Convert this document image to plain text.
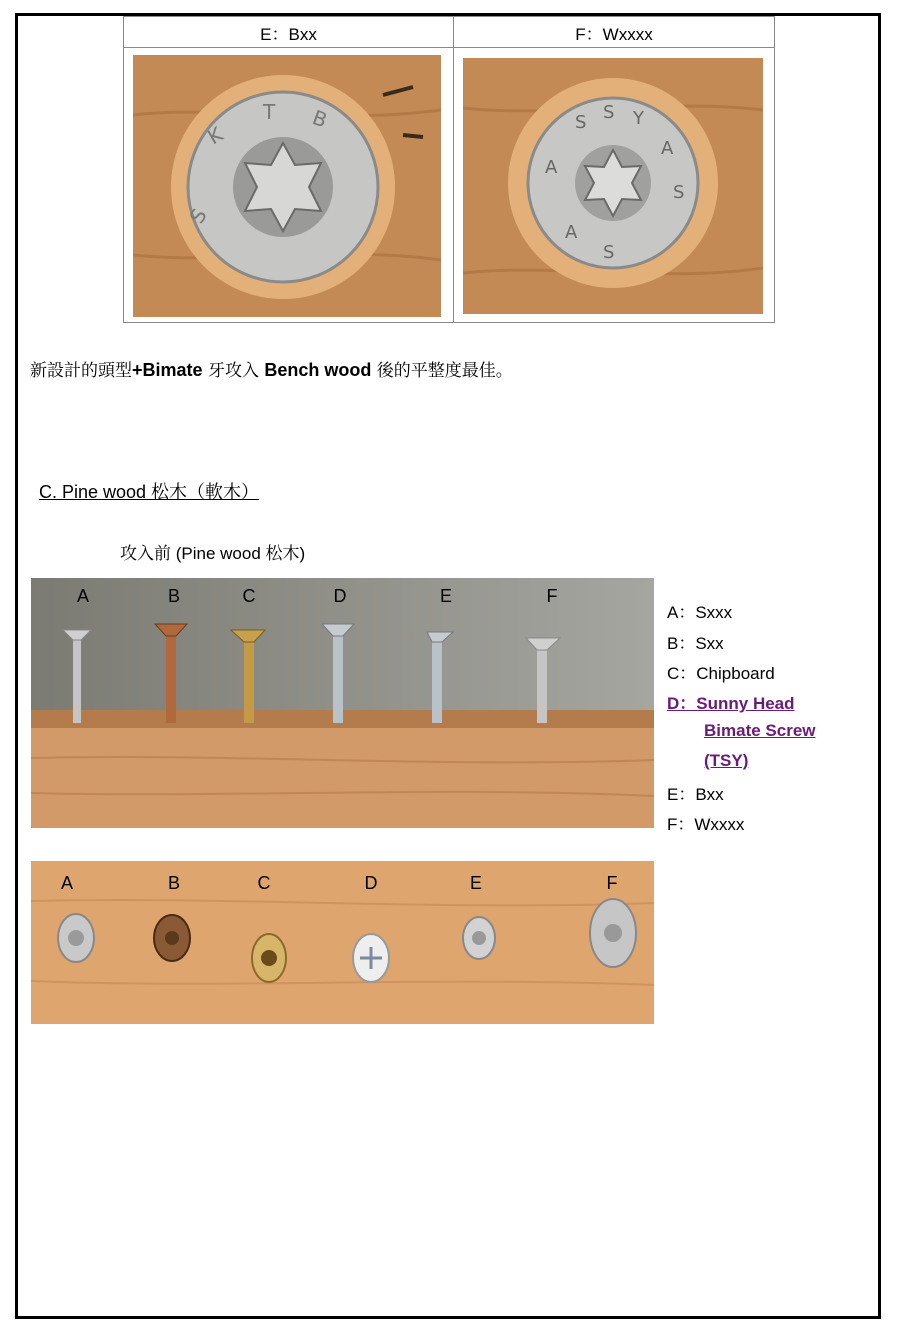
E：Bxx	F：Wxxxx
S
K
T B
A
S S Y
A
S
S
A
新設計的頭型+Bimate 牙攻入 Bench wood 後的平整度最佳。
C. Pine wood 松木（軟木）
攻入前 (Pine wood 松木)
A	B	C	D	E	F
A：Sxxx
B：Sxx
C：Chipboard
D：Sunny Head
Bimate Screw
(TSY)
E：Bxx
F：Wxxxx
A	B	C	D	E	F
